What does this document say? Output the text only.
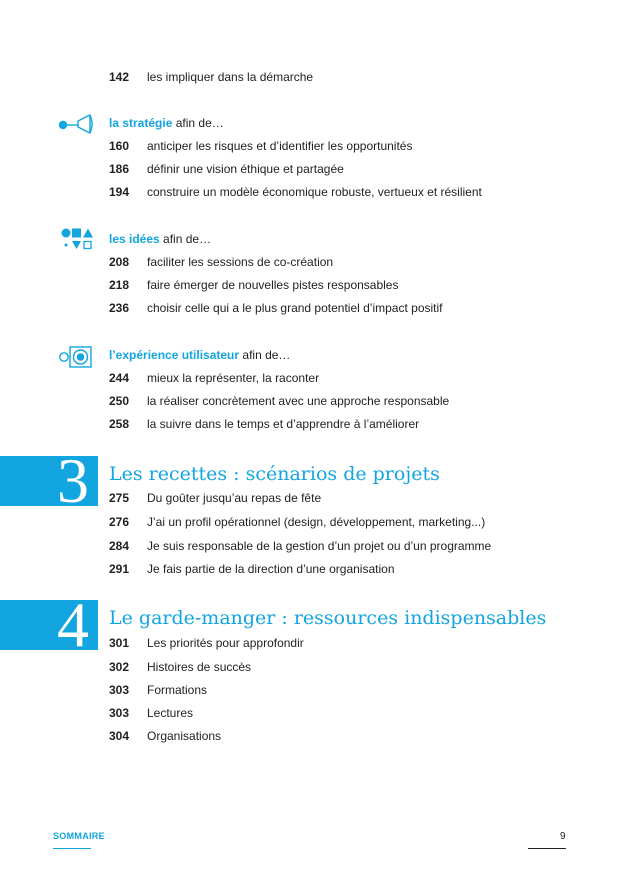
142 les impliquer dans la démarche
la stratégie afin de…
160 anticiper les risques et d’identifier les opportunités
186 définir une vision éthique et partagée
194 construire un modèle économique robuste, vertueux et résilient
les idées afin de…
208 faciliter les sessions de co-création
218 faire émerger de nouvelles pistes responsables
236 choisir celle qui a le plus grand potentiel d’impact positif
l’expérience utilisateur afin de…
244 mieux la représenter, la raconter
250 la réaliser concrètement avec une approche responsable
258 la suivre dans le temps et d’apprendre à l’améliorer
3	Les recettes : scénarios de projets
275 Du goûter jusqu’au repas de fête
276 J’ai un profil opérationnel (design, développement, marketing...)
284 Je suis responsable de la gestion d’un projet ou d’un programme
291 Je fais partie de la direction d’une organisation
4	Le garde-manger : ressources indispensables
301 Les priorités pour approfondir
302 Histoires de succès
303 Formations
303 Lectures
304 Organisations
SOMMAIRE	9
